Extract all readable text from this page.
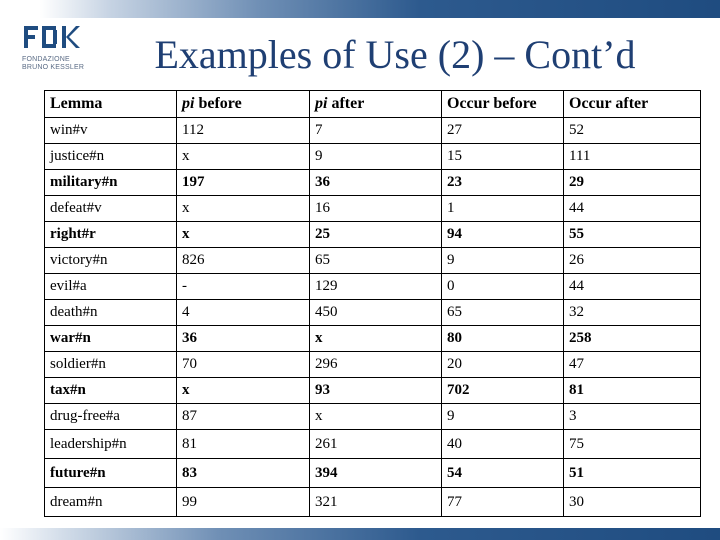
FONDAZIONE
BRUNO KESSLER	Examples of Use (2) – Cont’d
Lemma	pi before	pi after	Occur before	Occur after
win#v	112	7	27	52
justice#n	x	9	15	111
military#n	197	36	23	29
defeat#v	x	16	1	44
right#r	x	25	94	55
victory#n	826	65	9	26
evil#a	-	129	0	44
death#n	4	450	65	32
war#n	36	x	80	258
soldier#n	70	296	20	47
tax#n	x	93	702	81
drug-free#a	87	x	9	3
leadership#n	81	261	40	75
future#n	83	394	54	51
dream#n	99	321	77	30
